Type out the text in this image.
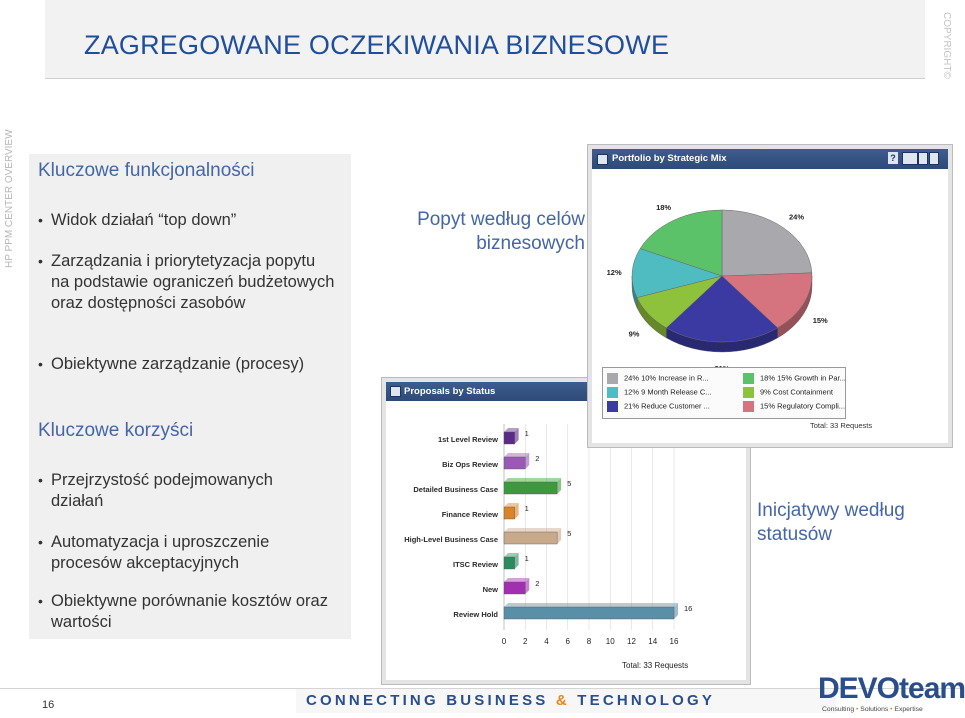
ZAGREGOWANE OCZEKIWANIA BIZNESOWE	COPYRIGHT©
HP PPM CENTER OVERVIEW Kluczowe funkcjonalności
• Widok działań “top down”
• Zarządzania i priorytetyzacja popytu na podstawie ograniczeń budżetowych oraz dostępności zasobów
• Obiektywne zarządzanie (procesy)
Kluczowe korzyści
• Przejrzystość podejmowanych działań
• Automatyzacja i uproszczenie procesów akceptacyjnych
• Obiektywne porównanie kosztów oraz wartości
Popyt według celów biznesowych
Inicjatywy według statusów
Proposals by Status
0 2 4 6 8 10 12 14 16
1st Level Review
1
Biz Ops Review
2
Detailed Business Case
5
Finance Review
1
High-Level Business Case
5
ITSC Review
1
New
2
Review Hold
16
Total: 33 Requests
Portfolio by Strategic Mix	?
24%
15%
9%
12%
18%
24% 10% Increase in R...	18% 15% Growth in Par...
12% 9 Month Release C...	9% Cost Containment
21% Reduce Customer ...	15% Regulatory Compli...
Total: 33 Requests
16	CONNECTING BUSINESS & TECHNOLOGY	DEVOteam
Consulting • Solutions • Expertise
